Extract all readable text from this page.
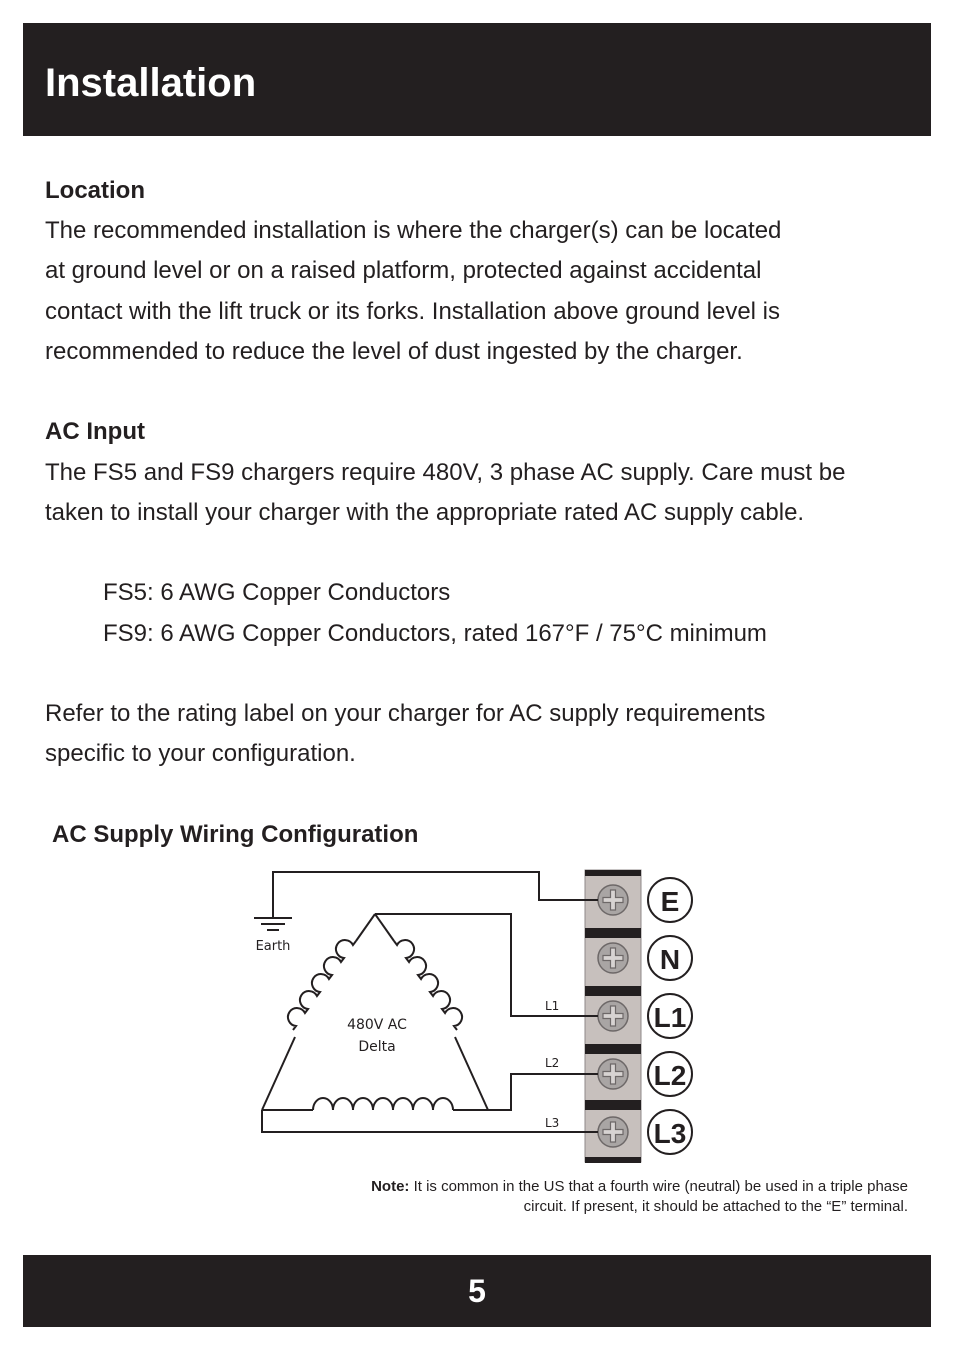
Installation
Location

The recommended installation is where the charger(s) can be located
at ground level or on a raised platform, protected against accidental
contact with the lift truck or its forks. Installation above ground level is
recommended to reduce the level of dust ingested by the charger.

AC Input

The FS5 and FS9 chargers require 480V, 3 phase AC supply. Care must be
taken to install your charger with the appropriate rated AC supply cable.

FS5: 6 AWG Copper Conductors

FS9: 6 AWG Copper Conductors, rated 167°F / 75°C minimum

Refer to the rating label on your charger for AC supply requirements
specific to your configuration.

AC Supply Wiring Configuration
E
N
L1
L2
L3
Earth
480V AC
Delta
L1
L2
L3

Note: It is common in the US that a fourth wire (neutral) be used in a triple phase circuit. If present, it should be attached to the “E” terminal.

5
